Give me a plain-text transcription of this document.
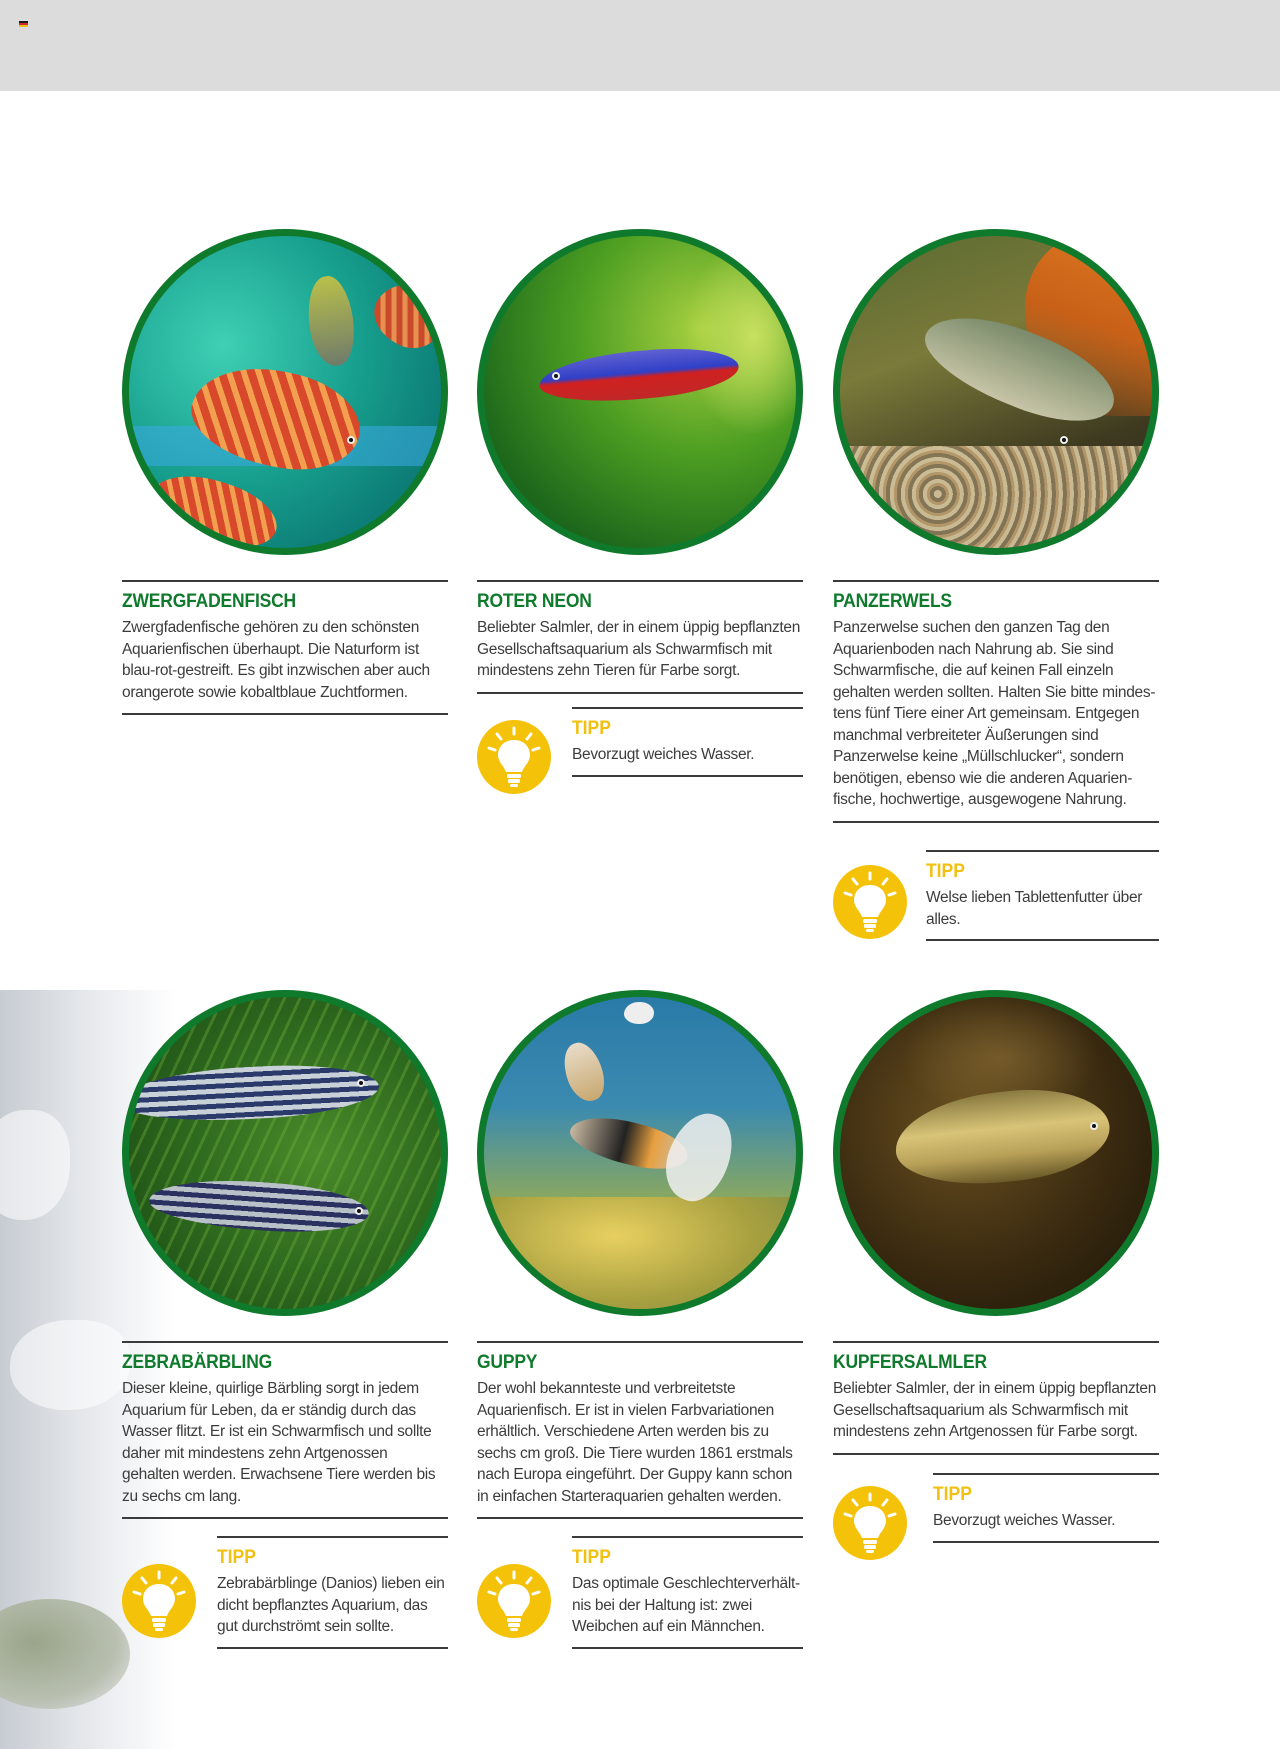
ZWERGFADENFISCH

Zwergfadenfische gehören zu den schönsten Aquarienfischen überhaupt. Die Naturform ist blau-rot-gestreift. Es gibt inzwischen aber auch orangerote sowie kobaltblaue Zuchtformen.

ROTER NEON

Beliebter Salmler, der in einem üppig bepflanzten Gesellschaftsaquarium als Schwarmfisch mit mindestens zehn Tieren für Farbe sorgt.

TIPP

Bevorzugt weiches Wasser.

PANZERWELS

Panzerwelse suchen den ganzen Tag den Aquarienboden nach Nahrung ab. Sie sind Schwarmfische, die auf keinen Fall einzeln gehalten werden sollten. Halten Sie bitte mindes-tens fünf Tiere einer Art gemeinsam. Entgegen manchmal verbreiteter Äußerungen sind Panzerwelse keine „Müllschlucker“, sondern benötigen, ebenso wie die anderen Aquarien-fische, hochwertige, ausgewogene Nahrung.

TIPP

Welse lieben Tablettenfutter über alles.

ZEBRABÄRBLING

Dieser kleine, quirlige Bärbling sorgt in jedem Aquarium für Leben, da er ständig durch das Wasser flitzt. Er ist ein Schwarmfisch und sollte daher mit mindestens zehn Artgenossen gehalten werden. Erwachsene Tiere werden bis zu sechs cm lang.

TIPP

Zebrabärblinge (Danios) lieben ein dicht bepflanztes Aquarium, das gut durchströmt sein sollte.

GUPPY

Der wohl bekannteste und verbreitetste Aquarienfisch. Er ist in vielen Farbvariationen erhältlich. Verschiedene Arten werden bis zu sechs cm groß. Die Tiere wurden 1861 erstmals nach Europa eingeführt. Der Guppy kann schon in einfachen Starteraquarien gehalten werden.

TIPP

Das optimale Geschlechterverhält-nis bei der Haltung ist: zwei Weibchen auf ein Männchen.

KUPFERSALMLER

Beliebter Salmler, der in einem üppig bepflanzten Gesellschaftsaquarium als Schwarmfisch mit mindestens zehn Artgenossen für Farbe sorgt.

TIPP

Bevorzugt weiches Wasser.
